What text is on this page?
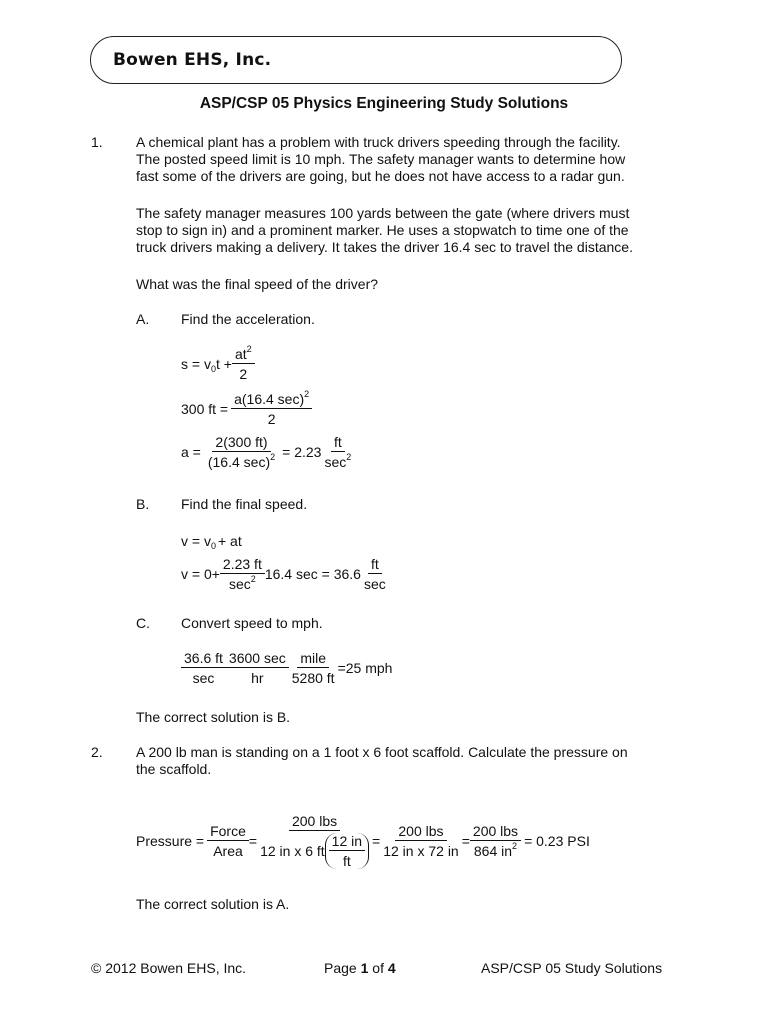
Bowen EHS, Inc.
ASP/CSP 05 Physics Engineering Study Solutions
1. A chemical plant has a problem with truck drivers speeding through the facility.
The posted speed limit is 10 mph. The safety manager wants to determine how
fast some of the drivers are going, but he does not have access to a radar gun.
The safety manager measures 100 yards between the gate (where drivers must
stop to sign in) and a prominent marker. He uses a stopwatch to time one of the
truck drivers making a delivery. It takes the driver 16.4 sec to travel the distance.
What was the final speed of the driver?
A. Find the acceleration.
$s = v_0t + \frac{at^2}{2}$
300 ft = $\frac{a(16.4 \sec)^2}{2}$
$a = \frac{2(300 ft)}{(16.4 \sec)^2} = 2.23 \frac{ft}{\sec^2}$
B. Find the final speed.
$v = v_0$ + at
$v = 0+ \frac{2.23 ft}{\sec^2} 16.4$ $\sec = 36.6 \frac{ft}{\sec}$
C. Convert speed to mph.
$\frac{36.6 ft}{\sec} \frac{3600 \sec}{hr} \frac{\text{mile}}{5280 ft} =25$ mph
The correct solution is B.
2. A 200 lb man is standing on a 1 foot x 6 foot scaffold. Calculate the pressure on
the scaffold.
Pressure = $\frac{\text{Force}}{\text{Area}} = \frac{\text{200 lbs}}{12 in x 6 ft \frac{12 in}{ft}} = \frac{\text{200 lbs}}{\text{12 in x 72 in}} = \frac{\text{200 lbs}}{864 in^2} = 0.23$ PSI
The correct solution is A.
© 2012 Bowen EHS, Inc.	Page 1 of 4	ASP/CSP 05 Study Solutions
